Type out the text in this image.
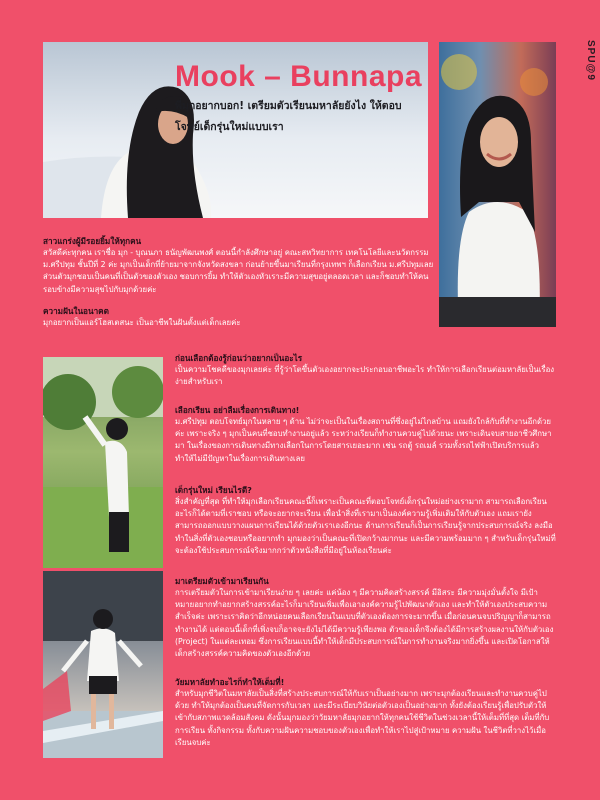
SPU@9
Mook – Bunnapa
พี่มุกอยากบอก! เตรียมตัวเรียนมหาลัยยังไง ให้ตอบโจทย์เด็กรุ่นใหม่แบบเรา
สาวแกร่งผู้มีรอยยิ้มให้ทุกคน

สวัสดีค่ะทุกคน เราชื่อ มุก - บุณนภา ธนัญพัฒนพงศ์ ตอนนี้กำลังศึกษาอยู่ คณะสหวิทยาการ เทคโนโลยีและนวัตกรรม ม.ศรีปทุม ชั้นปีที่ 2 ค่ะ มุกเป็นเด็กที่ย้ายมาจากจังหวัดสงขลา ก่อนย้ายขึ้นมาเรียนที่กรุงเทพฯ ก็เลือกเรียน ม.ศรีปทุมเลย ส่วนตัวมุกชอบเป็นคนที่เป็นตัวของตัวเอง ชอบการยิ้ม ทำให้ตัวเองหัวเราะมีความสุขอยู่ตลอดเวลา และก็ชอบทำให้คนรอบข้างมีความสุขไปกับมุกด้วยค่ะ

ความฝันในอนาคต

มุกอยากเป็นแอร์โฮสเตสนะ เป็นอาชีพในฝันตั้งแต่เด็กเลยค่ะ

ก่อนเลือกต้องรู้ก่อนว่าอยากเป็นอะไร

เป็นความโชคดีของมุกเลยค่ะ ที่รู้ว่าโตขึ้นตัวเองอยากจะประกอบอาชีพอะไร ทำให้การเลือกเรียนต่อมหาลัยเป็นเรื่องง่ายสำหรับเรา

เลือกเรียน อย่าลืมเรื่องการเดินทาง!

ม.ศรีปทุม ตอบโจทย์มุกในหลาย ๆ ด้าน ไม่ว่าจะเป็นในเรื่องสถานที่ซึ่งอยู่ไม่ไกลบ้าน แถมยังใกล้กับที่ทำงานอีกด้วยค่ะ เพราะจริง ๆ มุกเป็นคนที่ชอบทำงานอยู่แล้ว ระหว่างเรียนก็ทำงานควบคู่ไปด้วยนะ เพราะเดินจบสายอาชีวศึกษามา ในเรื่องของการเดินทางมีทางเลือกในการโดยสารเยอะมาก เช่น รถตู้ รถเมล์ รวมทั้งรถไฟฟ้าเปิดบริการแล้วทำให้ไม่มีปัญหาในเรื่องการเดินทางเลย

เด็กรุ่นใหม่ เรียนไรดี?

สิ่งสำคัญที่สุด ที่ทำให้มุกเลือกเรียนคณะนี้ก็เพราะเป็นคณะที่ตอบโจทย์เด็กรุ่นใหม่อย่างเรามาก สามารถเลือกเรียนอะไรก็ได้ตามที่เราชอบ หรือจะอยากจะเรียน เพื่อนำสิ่งที่เรามาเป็นองค์ความรู้เพิ่มเติมให้กับตัวเอง แถมเรายังสามารถออกแบบวางแผนการเรียนได้ด้วยตัวเราเองอีกนะ ด้านการเรียนก็เป็นการเรียนรู้จากประสบการณ์จริง ลงมือทำในสิ่งที่ตัวเองชอบหรืออยากทำ มุกมองว่าเป็นคณะที่เปิดกว้างมากนะ และมีความพร้อมมาก ๆ สำหรับเด็กรุ่นใหม่ที่จะต้องใช้ประสบการณ์จริงมากกว่าตัวหนังสือที่มีอยู่ในห้องเรียนค่ะ

มาเตรียมตัวเข้ามาเรียนกัน

การเตรียมตัวในการเข้ามาเรียนง่าย ๆ เลยค่ะ แค่น้อง ๆ มีความคิดสร้างสรรค์ มีอิสระ มีความมุ่งมั่นตั้งใจ มีเป้าหมายอยากทำอยากสร้างสรรค์อะไรก็มาเรียนเพิ่มเพื่อเอาองค์ความรู้ไปพัฒนาตัวเอง และทำให้ตัวเองประสบความสำเร็จค่ะ เพราะเราคิดว่าอีกหน่อยคนเลือกเรียนในแบบที่ตัวเองต้องการจะมากขึ้น เมื่อก่อนคนจบปริญญาก็สามารถทำงานได้ แต่ตอนนี้เด็กที่เพิ่งจบก็อาจจะยังไม่ได้มีความรู้เพียงพอ ตัวของเด็กจึงต้องได้มีการสร้างผลงานให้กับตัวเอง (Project) ในแต่ละเทอม ซึ่งการเรียนแบบนี้ทำให้เด็กมีประสบการณ์ในการทำงานจริงมากยิ่งขึ้น และเปิดโอกาสให้เด็กสร้างสรรค์ความคิดของตัวเองอีกด้วย

วัยมหาลัยทำอะไรก็ทำให้เต็มที่!

สำหรับมุกชีวิตในมหาลัยเป็นสิ่งที่สร้างประสบการณ์ให้กับเราเป็นอย่างมาก เพราะมุกต้องเรียนและทำงานควบคู่ไปด้วย ทำให้มุกต้องเป็นคนที่จัดการกับเวลา และมีระเบียบวินัยต่อตัวเองเป็นอย่างมาก ทั้งยังต้องเรียนรู้เพื่อปรับตัวให้เข้ากับสภาพแวดล้อมสังคม ดังนั้นมุกมองว่าวัยมหาลัยมุกอยากให้ทุกคนใช้ชีวิตในช่วงเวลานี้ให้เต็มที่ที่สุด เต็มที่กับการเรียน ทั้งกิจกรรม ทั้งกับความฝันความชอบของตัวเองเพื่อทำให้เราไปสู่เป้าหมาย ความฝัน ในชีวิตที่วางไว้เมื่อเรียนจบค่ะ
